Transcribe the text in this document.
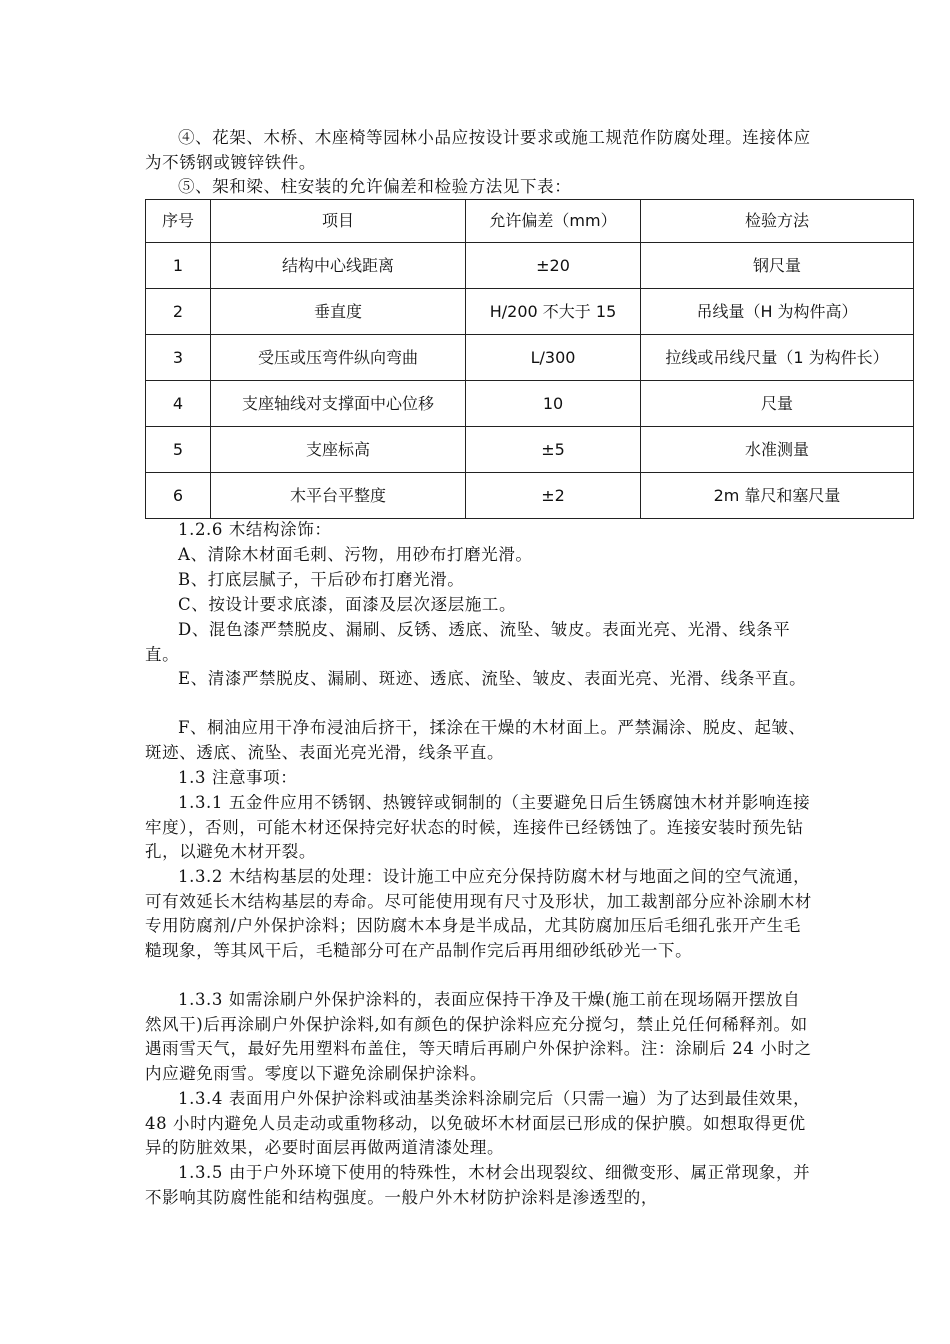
④、花架、木桥、木座椅等园林小品应按设计要求或施工规范作防腐处理。连接体应为不锈钢或镀锌铁件。

⑤、架和梁、柱安装的允许偏差和检验方法见下表：

序号	项目	允许偏差（mm）	检验方法
1	结构中心线距离	±20	钢尺量
2	垂直度	H/200 不大于 15	吊线量（H 为构件高）
3	受压或压弯件纵向弯曲	L/300	拉线或吊线尺量（1 为构件长）
4	支座轴线对支撑面中心位移	10	尺量
5	支座标高	±5	水准测量
6	木平台平整度	±2	2m 靠尺和塞尺量

1.2.6 木结构涂饰：

A、清除木材面毛刺、污物，用砂布打磨光滑。

B、打底层腻子，干后砂布打磨光滑。

C、按设计要求底漆，面漆及层次逐层施工。

D、混色漆严禁脱皮、漏刷、反锈、透底、流坠、皱皮。表面光亮、光滑、线条平直。

E、清漆严禁脱皮、漏刷、斑迹、透底、流坠、皱皮、表面光亮、光滑、线条平直。

F、桐油应用干净布浸油后挤干，揉涂在干燥的木材面上。严禁漏涂、脱皮、起皱、斑迹、透底、流坠、表面光亮光滑，线条平直。

1.3 注意事项：

1.3.1 五金件应用不锈钢、热镀锌或铜制的（主要避免日后生锈腐蚀木材并影响连接牢度），否则，可能木材还保持完好状态的时候，连接件已经锈蚀了。连接安装时预先钻孔，以避免木材开裂。

1.3.2 木结构基层的处理：设计施工中应充分保持防腐木材与地面之间的空气流通，可有效延长木结构基层的寿命。尽可能使用现有尺寸及形状，加工裁割部分应补涂刷木材专用防腐剂/户外保护涂料；因防腐木本身是半成品，尤其防腐加压后毛细孔张开产生毛糙现象，等其风干后，毛糙部分可在产品制作完后再用细砂纸砂光一下。

1.3.3 如需涂刷户外保护涂料的，表面应保持干净及干燥(施工前在现场隔开摆放自然风干)后再涂刷户外保护涂料,如有颜色的保护涂料应充分搅匀，禁止兑任何稀释剂。如遇雨雪天气，最好先用塑料布盖住，等天晴后再刷户外保护涂料。注：涂刷后 24 小时之内应避免雨雪。零度以下避免涂刷保护涂料。

1.3.4 表面用户外保护涂料或油基类涂料涂刷完后（只需一遍）为了达到最佳效果，48 小时内避免人员走动或重物移动，以免破坏木材面层已形成的保护膜。如想取得更优异的防脏效果，必要时面层再做两道清漆处理。

1.3.5 由于户外环境下使用的特殊性，木材会出现裂纹、细微变形、属正常现象，并不影响其防腐性能和结构强度。一般户外木材防护涂料是渗透型的，
